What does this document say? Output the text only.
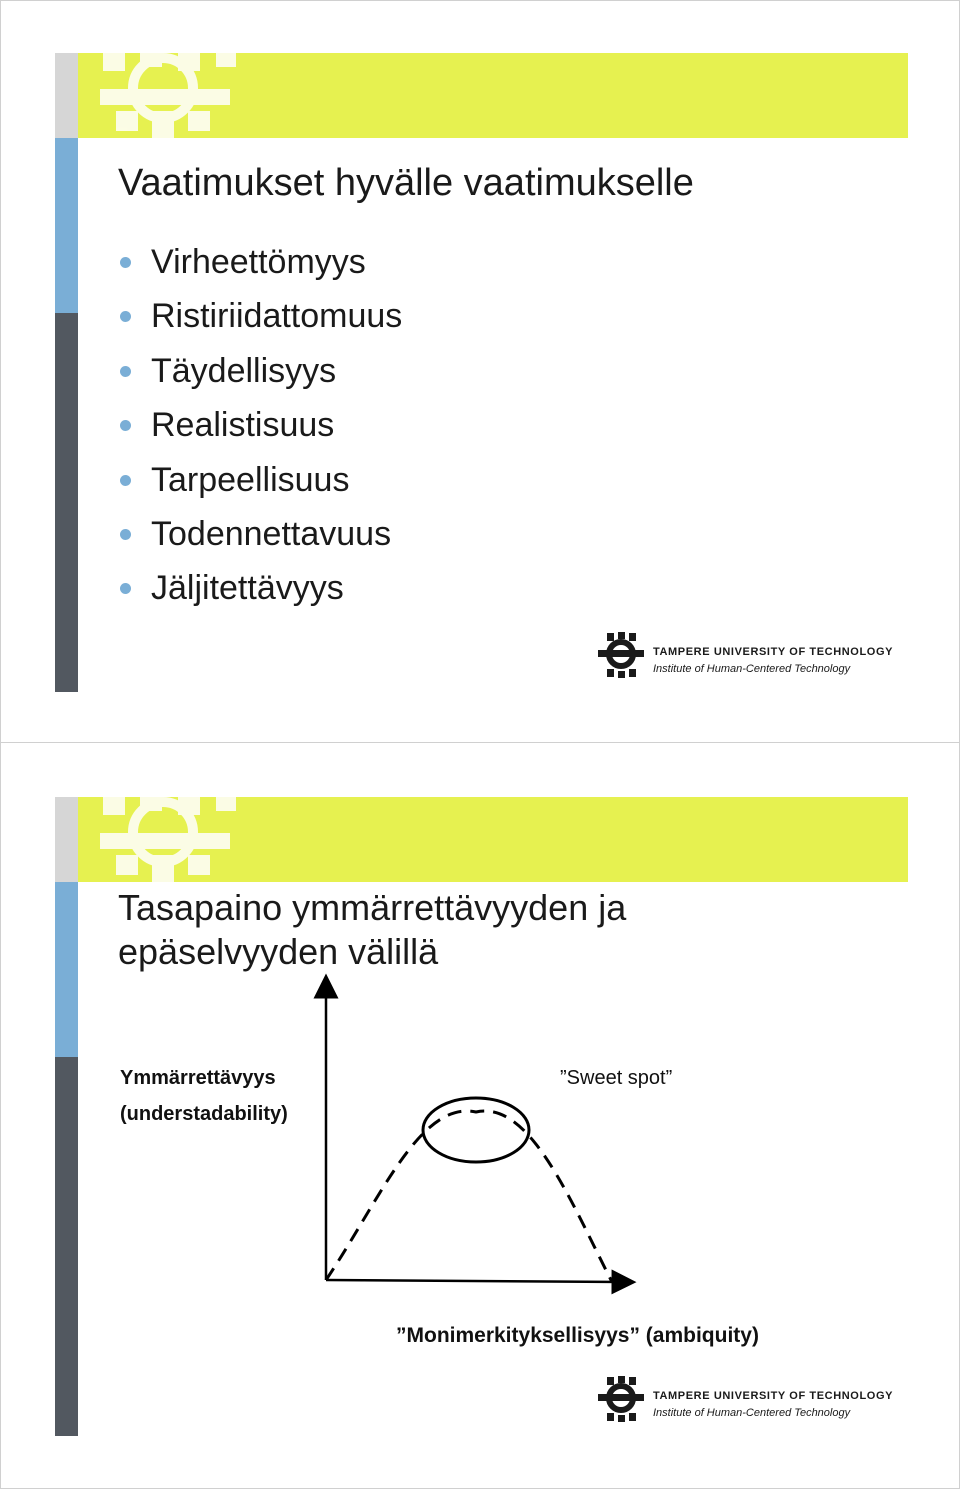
Vaatimukset hyvälle vaatimukselle
Virheettömyys
Ristiriidattomuus
Täydellisyys
Realistisuus
Tarpeellisuus
Todennettavuus
Jäljitettävyys
TAMPERE UNIVERSITY OF TECHNOLOGY
Institute of Human-Centered Technology
Tasapaino ymmärrettävyyden ja
epäselvyyden välillä
Ymmärrettävyys
(understadability)
”Sweet spot”
”Monimerkityksellisyys” (ambiquity)
TAMPERE UNIVERSITY OF TECHNOLOGY
Institute of Human-Centered Technology
